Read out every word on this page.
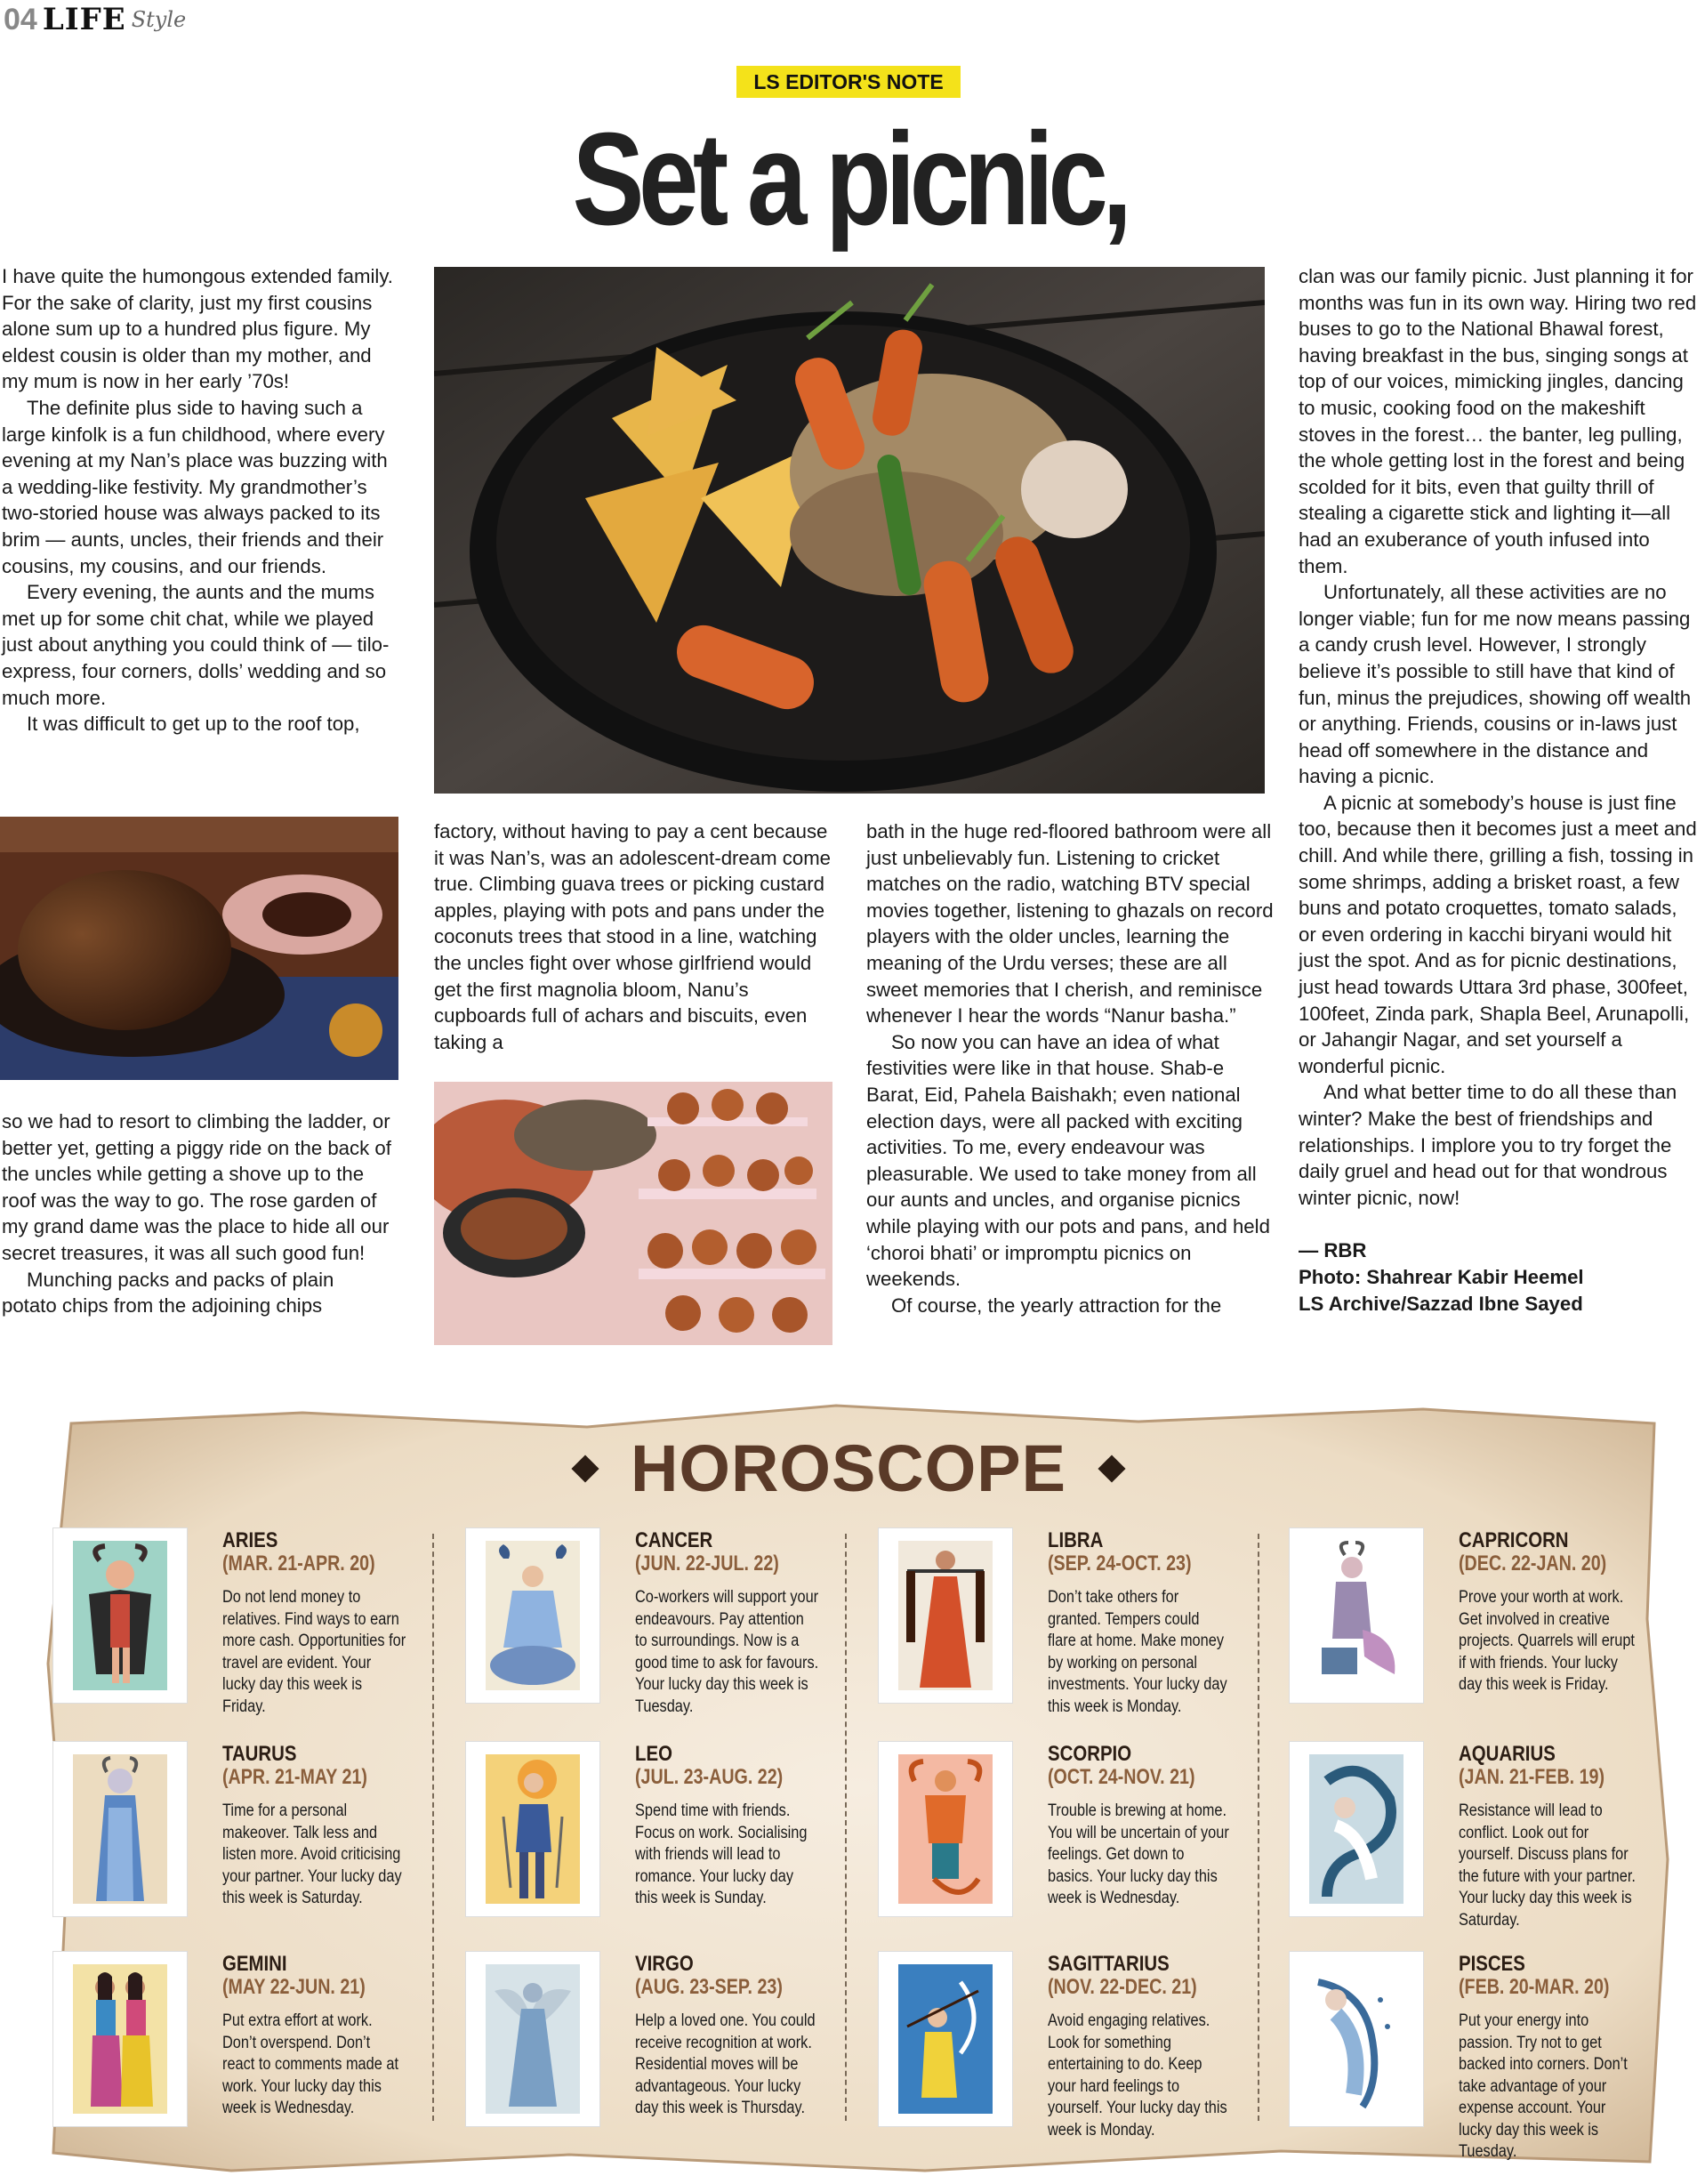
04 LIFE Style
LS EDITOR'S NOTE
Set a picnic,

I have quite the humongous extended family. For the sake of clarity, just my first cousins alone sum up to a hundred plus figure. My eldest cousin is older than my mother, and my mum is now in her early ’70s!

The definite plus side to having such a large kinfolk is a fun childhood, where every evening at my Nan’s place was buzzing with a wedding-like festivity. My grandmother’s two-storied house was always packed to its brim — aunts, uncles, their friends and their cousins, my cousins, and our friends.

Every evening, the aunts and the mums met up for some chit chat, while we played just about anything you could think of — tilo-express, four corners, dolls’ wedding and so much more.

It was difficult to get up to the roof top,

so we had to resort to climbing the ladder, or better yet, getting a piggy ride on the back of the uncles while getting a shove up to the roof was the way to go. The rose garden of my grand dame was the place to hide all our secret treasures, it was all such good fun!

Munching packs and packs of plain potato chips from the adjoining chips

factory, without having to pay a cent because it was Nan’s, was an adolescent-dream come true. Climbing guava trees or picking custard apples, playing with pots and pans under the coconuts trees that stood in a line, watching the uncles fight over whose girlfriend would get the first magnolia bloom, Nanu’s cupboards full of achars and biscuits, even taking a

bath in the huge red-floored bathroom were all just unbelievably fun. Listening to cricket matches on the radio, watching BTV special movies together, listening to ghazals on record players with the older uncles, learning the meaning of the Urdu verses; these are all sweet memories that I cherish, and reminisce whenever I hear the words “Nanur basha.”

So now you can have an idea of what festivities were like in that house. Shab-e Barat, Eid, Pahela Baishakh; even national election days, were all packed with exciting activities. To me, every endeavour was pleasurable. We used to take money from all our aunts and uncles, and organise picnics while playing with our pots and pans, and held ‘choroi bhati’ or impromptu picnics on weekends.

Of course, the yearly attraction for the

clan was our family picnic. Just planning it for months was fun in its own way. Hiring two red buses to go to the National Bhawal forest, having breakfast in the bus, singing songs at top of our voices, mimicking jingles, dancing to music, cooking food on the makeshift stoves in the forest… the banter, leg pulling, the whole getting lost in the forest and being scolded for it bits, even that guilty thrill of stealing a cigarette stick and lighting it—all had an exuberance of youth infused into them.

Unfortunately, all these activities are no longer viable; fun for me now means passing a candy crush level. However, I strongly believe it’s possible to still have that kind of fun, minus the prejudices, showing off wealth or anything. Friends, cousins or in-laws just head off somewhere in the distance and having a picnic.

A picnic at somebody’s house is just fine too, because then it becomes just a meet and chill. And while there, grilling a fish, tossing in some shrimps, adding a brisket roast, a few buns and potato croquettes, tomato salads, or even ordering in kacchi biryani would hit just the spot. And as for picnic destinations, just head towards Uttara 3rd phase, 300feet, 100feet, Zinda park, Shapla Beel, Arunapolli, or Jahangir Nagar, and set yourself a wonderful picnic.

And what better time to do all these than winter? Make the best of friendships and relationships. I implore you to try forget the daily gruel and head out for that wondrous winter picnic, now!

— RBR
Photo: Shahrear Kabir Heemel
LS Archive/Sazzad Ibne Sayed
HOROSCOPE
ARIES
(MAR. 21-APR. 20)
Do not lend money to relatives. Find ways to earn more cash. Opportunities for travel are evident. Your lucky day this week is Friday.
TAURUS
(APR. 21-MAY 21)
Time for a personal makeover. Talk less and listen more. Avoid criticising your partner. Your lucky day this week is Saturday.
GEMINI
(MAY 22-JUN. 21)
Put extra effort at work. Don’t overspend. Don’t react to comments made at work. Your lucky day this week is Wednesday.
CANCER
(JUN. 22-JUL. 22)
Co-workers will support your endeavours. Pay attention to surroundings. Now is a good time to ask for favours. Your lucky day this week is Tuesday.
LEO
(JUL. 23-AUG. 22)
Spend time with friends. Focus on work. Socialising with friends will lead to romance. Your lucky day this week is Sunday.
VIRGO
(AUG. 23-SEP. 23)
Help a loved one. You could receive recognition at work. Residential moves will be advantageous. Your lucky day this week is Thursday.
LIBRA
(SEP. 24-OCT. 23)
Don’t take others for granted. Tempers could flare at home. Make money by working on personal investments. Your lucky day this week is Monday.
SCORPIO
(OCT. 24-NOV. 21)
Trouble is brewing at home. You will be uncertain of your feelings. Get down to basics. Your lucky day this week is Wednesday.
SAGITTARIUS
(NOV. 22-DEC. 21)
Avoid engaging relatives. Look for something entertaining to do. Keep your hard feelings to yourself. Your lucky day this week is Monday.
CAPRICORN
(DEC. 22-JAN. 20)
Prove your worth at work. Get involved in creative projects. Quarrels will erupt if with friends. Your lucky day this week is Friday.
AQUARIUS
(JAN. 21-FEB. 19)
Resistance will lead to conflict. Look out for yourself. Discuss plans for the future with your partner. Your lucky day this week is Saturday.
PISCES
(FEB. 20-MAR. 20)
Put your energy into passion. Try not to get backed into corners. Don’t take advantage of your expense account. Your lucky day this week is Tuesday.
